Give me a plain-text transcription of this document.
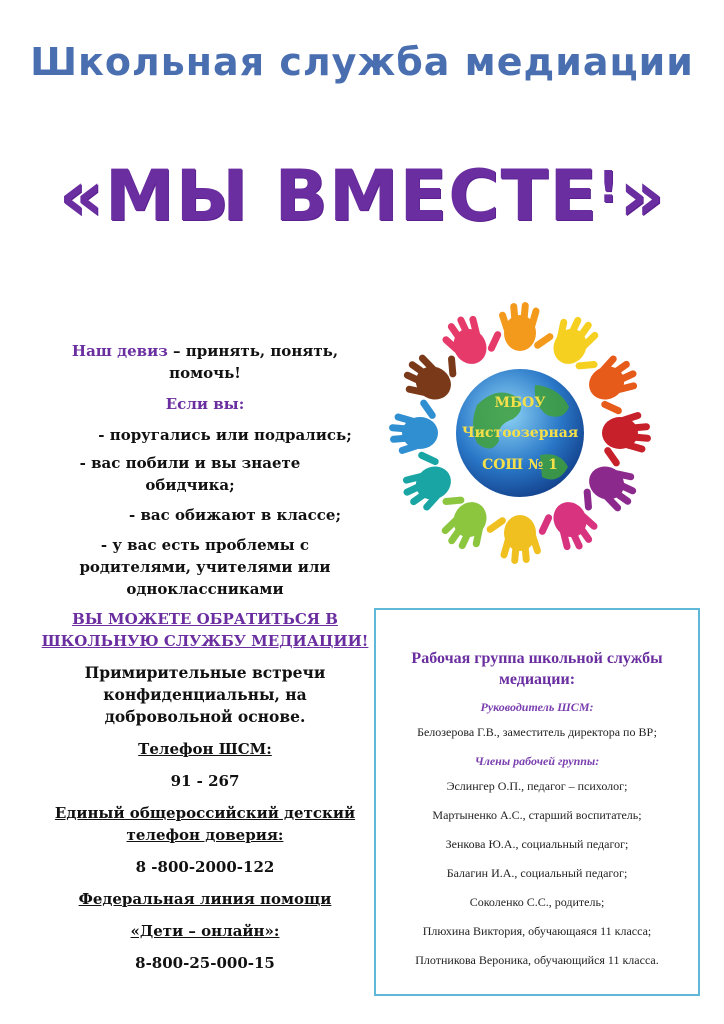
Школьная служба медиации
«МЫ ВМЕСТЕ!»
МБОУ
Чистоозерная
СОШ № 1

Наш девиз – принять, понять, помочь!

Если вы:

- поругались или подрались;

- вас побили и вы знаете обидчика;

- вас обижают в классе;

- у вас есть проблемы с родителями, учителями или одноклассниками

ВЫ МОЖЕТЕ ОБРАТИТЬСЯ В ШКОЛЬНУЮ СЛУЖБУ МЕДИАЦИИ!

Примирительные встречи конфиденциальны, на добровольной основе.

Телефон ШСМ:

91 - 267

Единый общероссийский детский телефон доверия:

8 -800-2000-122

Федеральная линия помощи

«Дети – онлайн»:

8-800-25-000-15

Рабочая группа школьной службы медиации:
Руководитель ШСМ:
Белозерова Г.В., заместитель директора по ВР;
Члены рабочей группы:
Эслингер О.П., педагог – психолог;
Мартыненко А.С., старший воспитатель;
Зенкова Ю.А., социальный педагог;
Балагин И.А., социальный педагог;
Соколенко С.С., родитель;
Плюхина Виктория, обучающаяся 11 класса;
Плотникова Вероника, обучающийся 11 класса.
